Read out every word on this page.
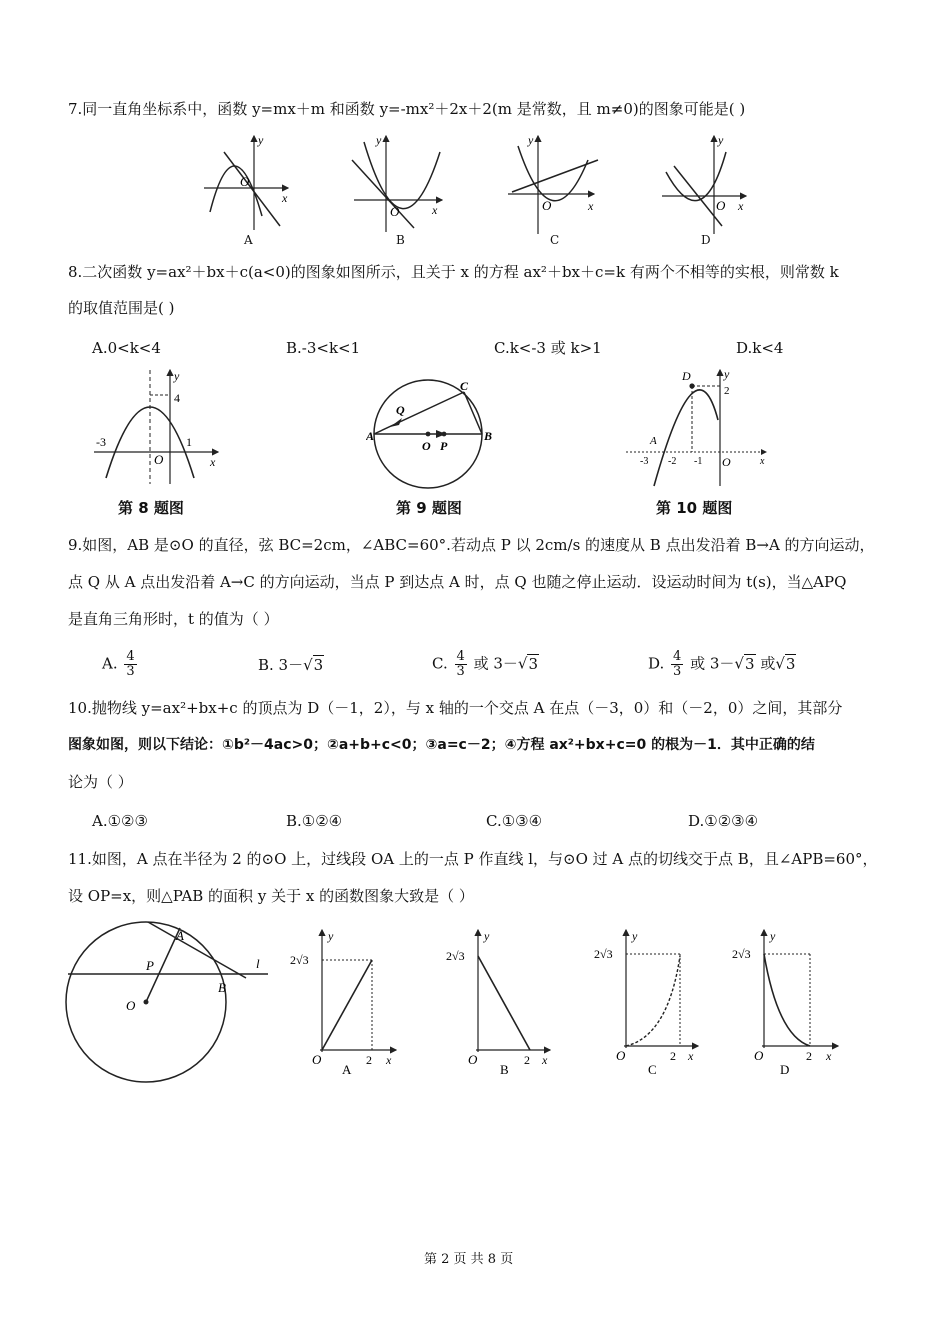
7.同一直角坐标系中，函数 y=mx＋m 和函数 y=-mx²＋2x＋2(m 是常数，且 m≠0)的图象可能是( )
O
y
x
O
y
x	O
y
x	O
y
x
A	B	C	D
8.二次函数 y=ax²＋bx＋c(a<0)的图象如图所示，且关于 x 的方程 ax²＋bx＋c=k 有两个不相等的实根，则常数 k
的取值范围是( )
A.0<k<4	B.-3<k<1	C.k<-3 或 k>1	D.k<4
y
4
-3
O
1
x
A	B
C
Q
O P
D	y
2
A
-3 -2 -1 O	x
第 8 题图	第 9 题图	第 10 题图
9.如图，AB 是⊙O 的直径，弦 BC=2cm，∠ABC=60°.若动点 P 以 2cm/s 的速度从 B 点出发沿着 B→A 的方向运动，
点 Q 从 A 点出发沿着 A→C 的方向运动，当点 P 到达点 A 时，点 Q 也随之停止运动．设运动时间为 t(s)，当△APQ
是直角三角形时，t 的值为（ ）
A. $\frac{4}{3}$	B. 3－√3	C. $\frac{4}{3}$ 或 3－√3	D. $\frac{4}{3}$ 或 3－√3 或√3
10.抛物线 y=ax²+bx+c 的顶点为 D（－1，2），与 x 轴的一个交点 A 在点（－3，0）和（－2，0）之间，其部分
图象如图，则以下结论：①b²－4ac>0；②a+b+c<0；③a=c－2；④方程 ax²+bx+c=0 的根为－1．其中正确的结
论为（ ）
A.①②③	B.①②④	C.①③④	D.①②③④
11.如图，A 点在半径为 2 的⊙O 上，过线段 OA 上的一点 P 作直线 l，与⊙O 过 A 点的切线交于点 B，且∠APB=60°，
设 OP=x，则△PAB 的面积 y 关于 x 的函数图象大致是（ ）
A
P
O
B
l
y
2√3
O	2 x
y
2√3
O	2 x
y
2√3
O	2 x
C
y
2√3
O	2 x
D
A	B
第 2 页 共 8 页
